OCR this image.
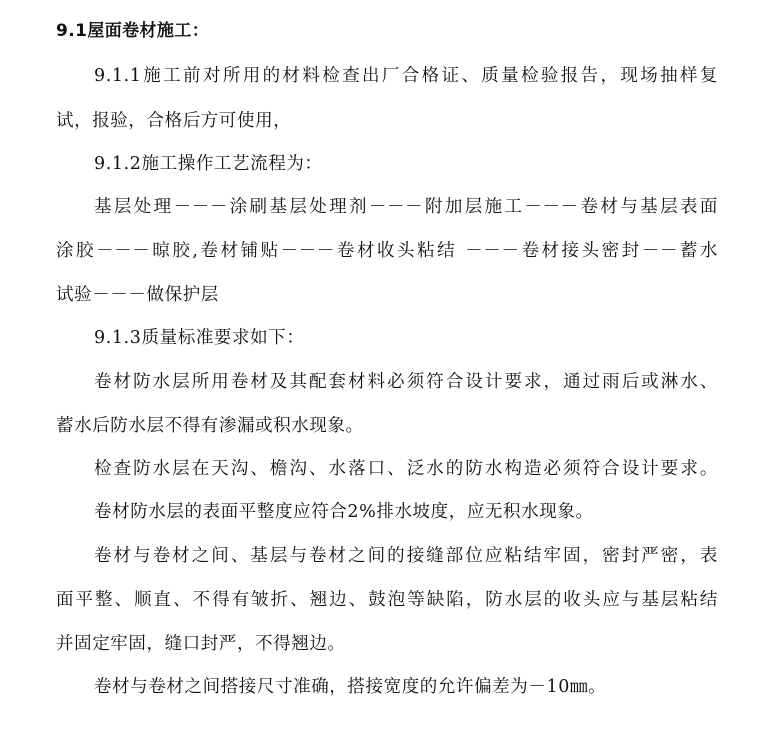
9.1屋面卷材施工：
9.1.1施工前对所用的材料检查出厂合格证、质量检验报告，现场抽样复
试，报验，合格后方可使用，
9.1.2施工操作工艺流程为：
基层处理－－－涂刷基层处理剂－－－附加层施工－－－卷材与基层表面
涂胶－－－晾胶,卷材铺贴－－－卷材收头粘结 －－－卷材接头密封－－蓄水
试验－－－做保护层
9.1.3质量标准要求如下：
卷材防水层所用卷材及其配套材料必须符合设计要求，通过雨后或淋水、
蓄水后防水层不得有渗漏或积水现象。
检查防水层在天沟、檐沟、水落口、泛水的防水构造必须符合设计要求。
卷材防水层的表面平整度应符合2%排水坡度，应无积水现象。
卷材与卷材之间、基层与卷材之间的接缝部位应粘结牢固，密封严密，表
面平整、顺直、不得有皱折、翘边、鼓泡等缺陷，防水层的收头应与基层粘结
并固定牢固，缝口封严，不得翘边。
卷材与卷材之间搭接尺寸准确，搭接宽度的允许偏差为－10㎜。
